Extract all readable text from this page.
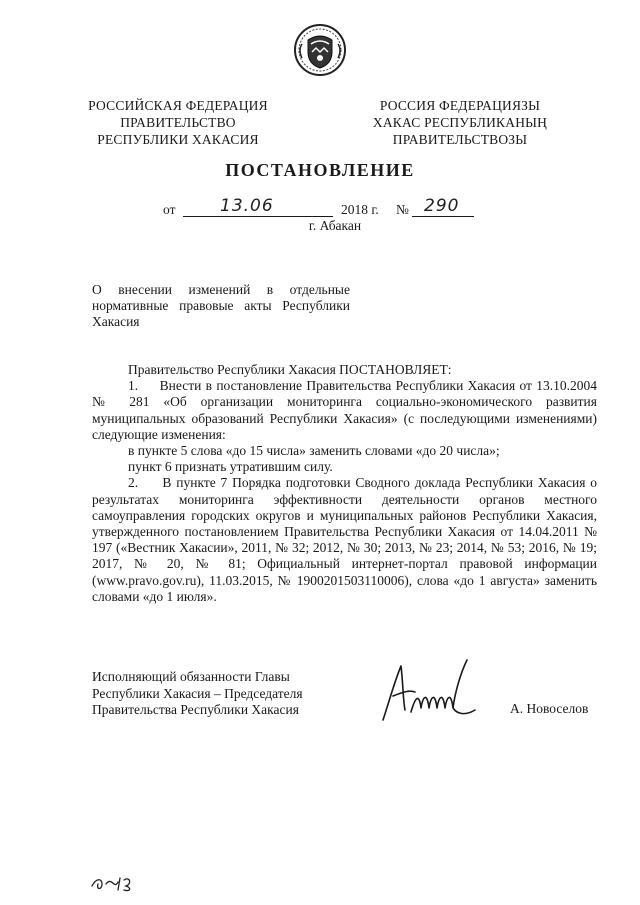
РОССИЙСКАЯ ФЕДЕРАЦИЯ
ПРАВИТЕЛЬСТВО
РЕСПУБЛИКИ ХАКАСИЯ
РОССИЯ ФЕДЕРАЦИЯЗЫ
ХАКАС РЕСПУБЛИКАНЫҢ
ПРАВИТЕЛЬСТВОЗЫ
ПОСТАНОВЛЕНИЕ
от	13.06	2018 г. № 290
г. Абакан

О внесении изменений в отдельные нормативные правовые акты Республики Хакасия

Правительство Республики Хакасия ПОСТАНОВЛЯЕТ:

1.     Внести в постановление Правительства Республики Хакасия от 13.10.2004 № 281 «Об организации мониторинга социально-экономического развития муниципальных образований Республики Хакасия» (с последующими изменениями) следующие изменения:

в пункте 5 слова «до 15 числа» заменить словами «до 20 числа»;

пункт 6 признать утратившим силу.

2.     В пункте 7 Порядка подготовки Сводного доклада Республики Хакасия о результатах мониторинга эффективности деятельности органов местного самоуправления городских округов и муниципальных районов Республики Хакасия, утвержденного постановлением Правительства Республики Хакасия от 14.04.2011 № 197 («Вестник Хакасии», 2011, № 32; 2012, № 30; 2013, № 23; 2014, № 53; 2016, № 19; 2017, № 20, № 81; Официальный интернет-портал правовой информации (www.pravo.gov.ru), 11.03.2015, № 1900201503110006), слова «до 1 августа» заменить словами «до 1 июля».

Исполняющий обязанности Главы
Республики Хакасия – Председателя
Правительства Республики Хакасия	А. Новоселов
